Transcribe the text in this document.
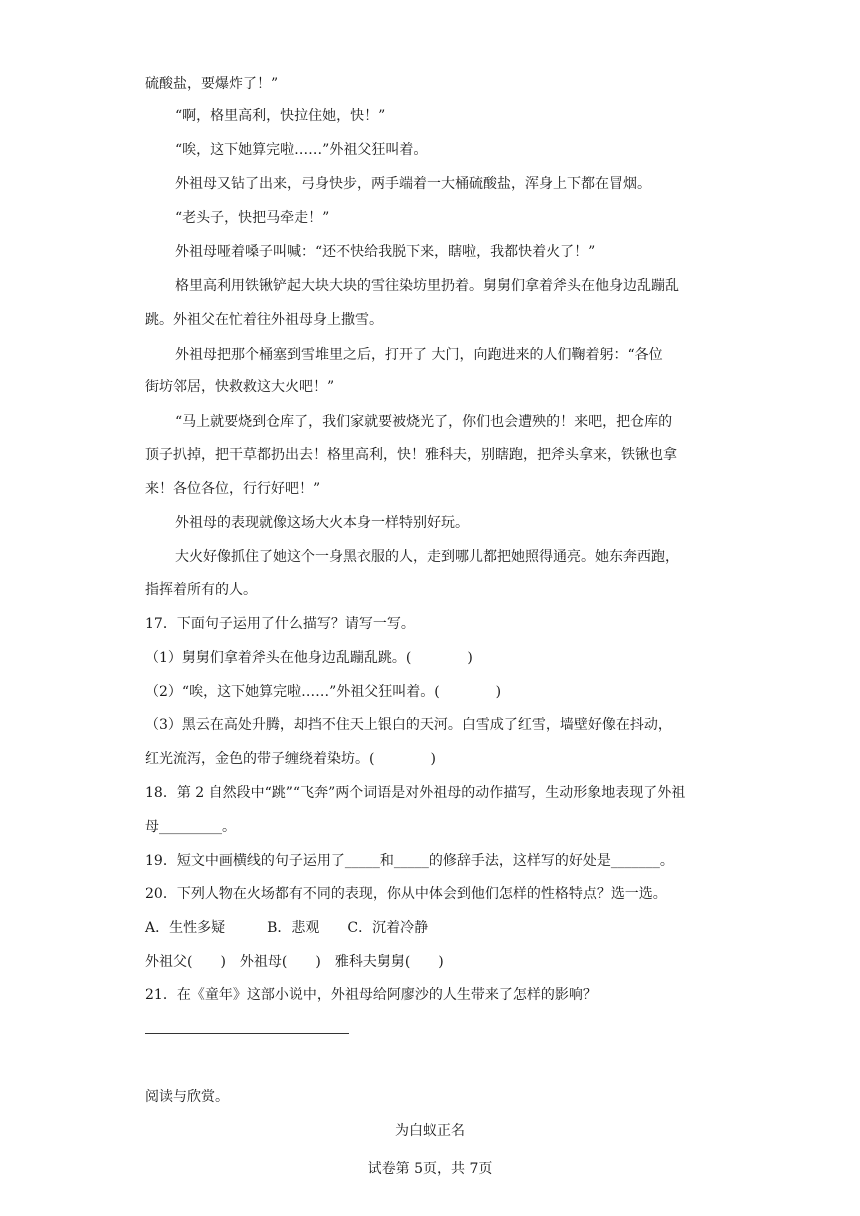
硫酸盐，要爆炸了！”
“啊，格里高利，快拉住她，快！”
“唉，这下她算完啦……”外祖父狂叫着。
外祖母又钻了出来，弓身快步，两手端着一大桶硫酸盐，浑身上下都在冒烟。
“老头子，快把马牵走！”
外祖母哑着嗓子叫喊：“还不快给我脱下来，瞎啦，我都快着火了！”
格里高利用铁锹铲起大块大块的雪往染坊里扔着。舅舅们拿着斧头在他身边乱蹦乱
跳。外祖父在忙着往外祖母身上撒雪。
外祖母把那个桶塞到雪堆里之后，打开了 大门，向跑进来的人们鞠着躬：“各位
街坊邻居，快救救这大火吧！”
“马上就要烧到仓库了，我们家就要被烧光了，你们也会遭殃的！来吧，把仓库的
顶子扒掉，把干草都扔出去！格里高利，快！雅科夫，别瞎跑，把斧头拿来，铁锹也拿
来！各位各位，行行好吧！”
外祖母的表现就像这场大火本身一样特别好玩。
大火好像抓住了她这个一身黑衣服的人，走到哪儿都把她照得通亮。她东奔西跑，
指挥着所有的人。
17．下面句子运用了什么描写？请写一写。
（1）舅舅们拿着斧头在他身边乱蹦乱跳。(　　　　)
（2）“唉，这下她算完啦……”外祖父狂叫着。(　　　　)
（3）黑云在高处升腾，却挡不住天上银白的天河。白雪成了红雪，墙壁好像在抖动，
红光流泻，金色的带子缠绕着染坊。(　　　　)
18．第 2 自然段中“跳”“飞奔”两个词语是对外祖母的动作描写，生动形象地表现了外祖
母_________。
19．短文中画横线的句子运用了_____和_____的修辞手法，这样写的好处是_______。
20．下列人物在火场都有不同的表现，你从中体会到他们怎样的性格特点？选一选。
A．生性多疑　　　B．悲观　　C．沉着冷静
外祖父(　　)　外祖母(　　)　雅科夫舅舅(　　)
21．在《童年》这部小说中，外祖母给阿廖沙的人生带来了怎样的影响？
阅读与欣赏。
为白蚁正名
试卷第 5页，共 7页
